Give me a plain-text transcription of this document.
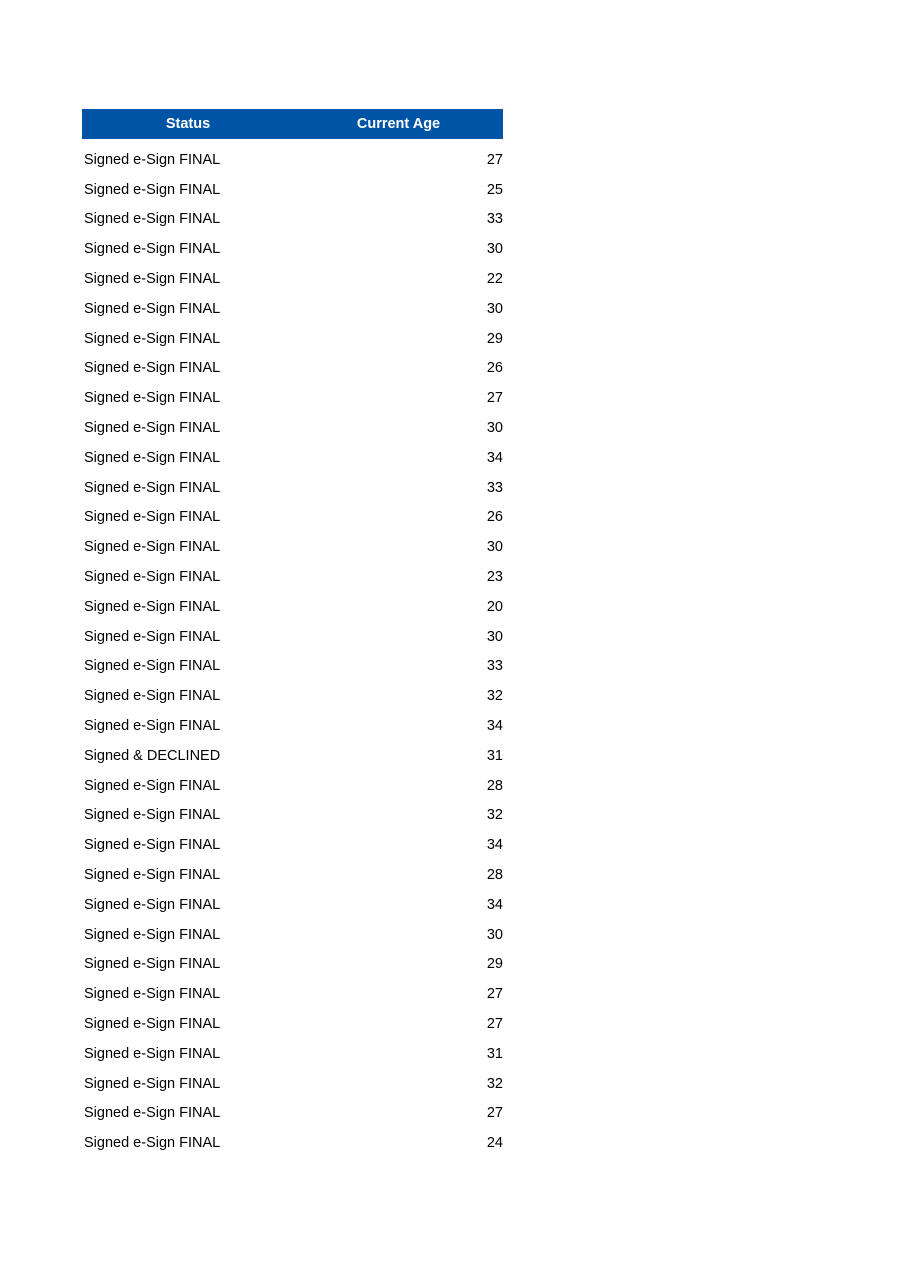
Status	Current Age
Signed e-Sign FINAL	27
Signed e-Sign FINAL	25
Signed e-Sign FINAL	33
Signed e-Sign FINAL	30
Signed e-Sign FINAL	22
Signed e-Sign FINAL	30
Signed e-Sign FINAL	29
Signed e-Sign FINAL	26
Signed e-Sign FINAL	27
Signed e-Sign FINAL	30
Signed e-Sign FINAL	34
Signed e-Sign FINAL	33
Signed e-Sign FINAL	26
Signed e-Sign FINAL	30
Signed e-Sign FINAL	23
Signed e-Sign FINAL	20
Signed e-Sign FINAL	30
Signed e-Sign FINAL	33
Signed e-Sign FINAL	32
Signed e-Sign FINAL	34
Signed & DECLINED	31
Signed e-Sign FINAL	28
Signed e-Sign FINAL	32
Signed e-Sign FINAL	34
Signed e-Sign FINAL	28
Signed e-Sign FINAL	34
Signed e-Sign FINAL	30
Signed e-Sign FINAL	29
Signed e-Sign FINAL	27
Signed e-Sign FINAL	27
Signed e-Sign FINAL	31
Signed e-Sign FINAL	32
Signed e-Sign FINAL	27
Signed e-Sign FINAL	24
